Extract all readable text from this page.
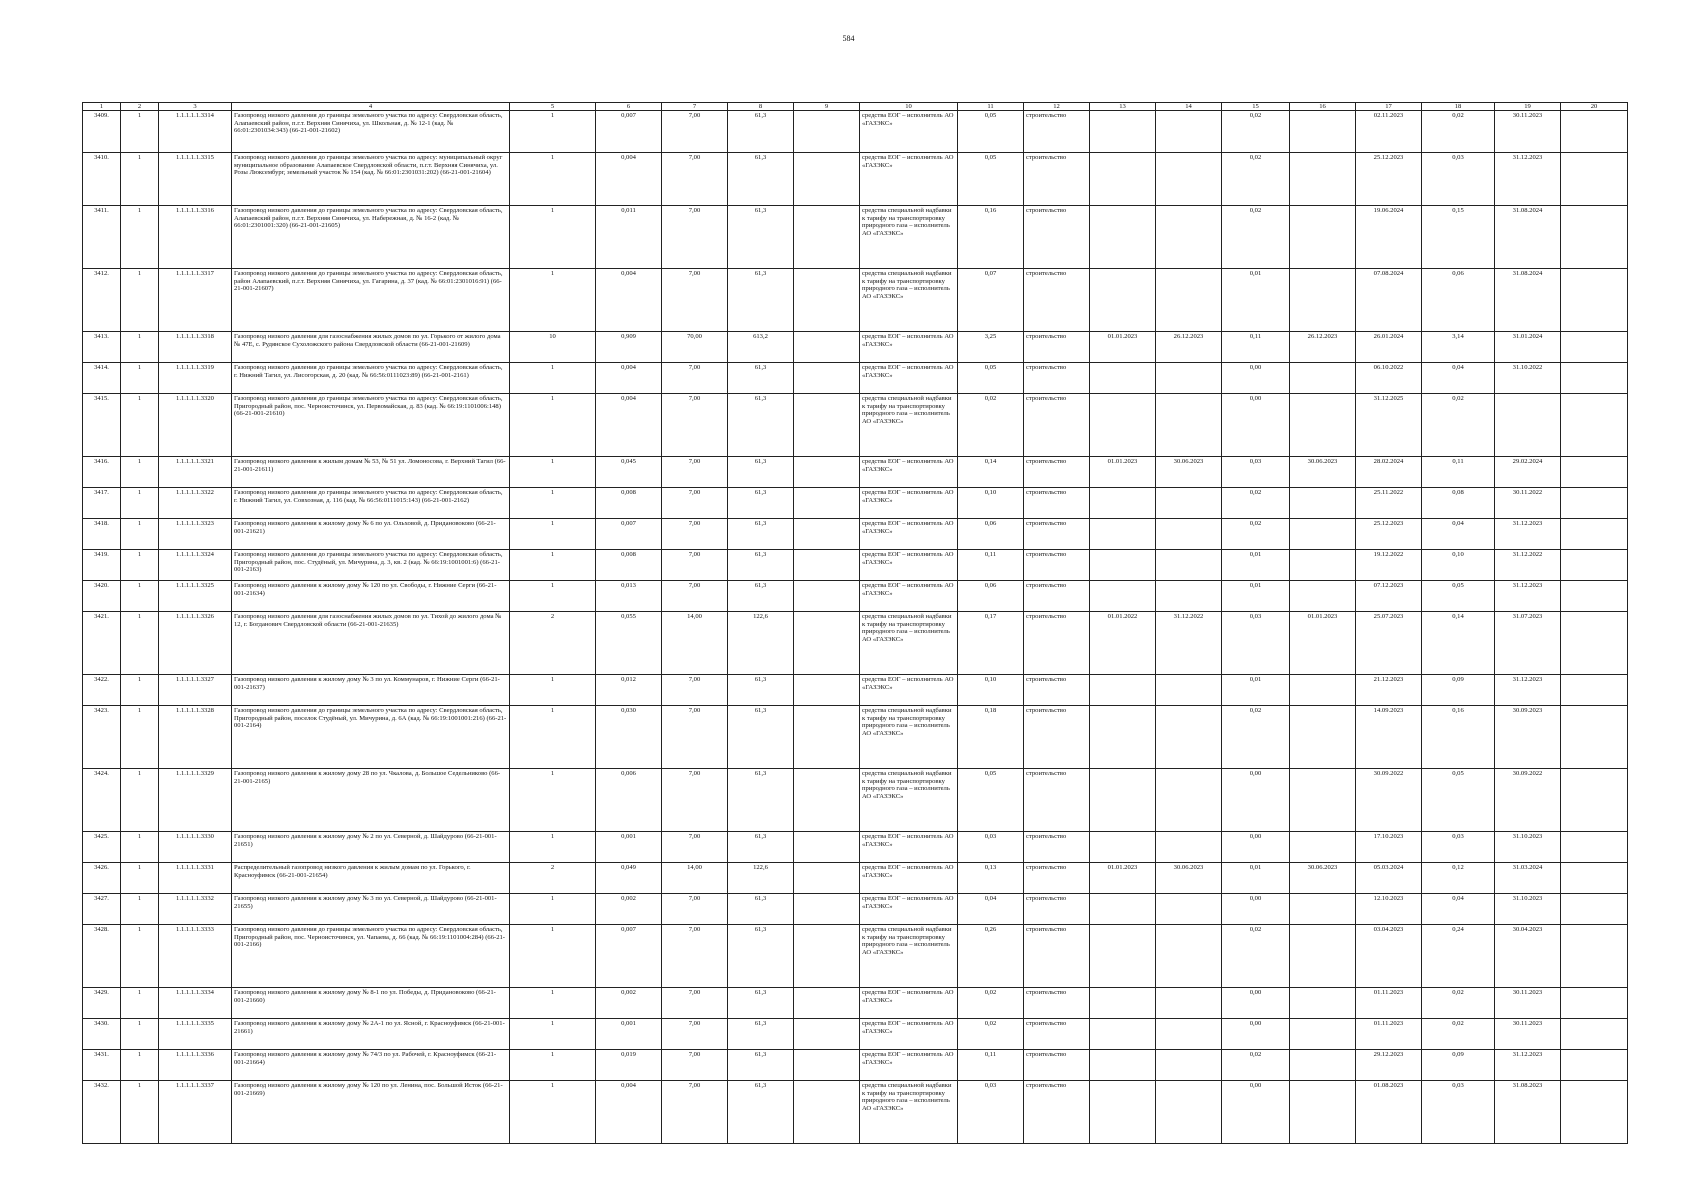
584
1	2	3	4	5	6	7	8	9	10	11	12	13	14	15	16	17	18	19	20
3409.	1	1.1.1.1.1.3314	Газопровод низкого давления до границы земельного участка по адресу: Свердловская область, Алапаевский район, п.г.т. Верхняя Синячиха, ул. Школьная, д. № 12-1 (кад. № 66:01:2301034:343) (66-21-001-21602)	1	0,007	7,00	61,3		средства ЕОГ – исполнитель АО «ГАЗЭКС»	0,05	строительство			0,02		02.11.2023	0,02	30.11.2023	
3410.	1	1.1.1.1.1.3315	Газопровод низкого давления до границы земельного участка по адресу: муниципальный округ муниципальное образование Алапаевское Свердловской области, п.г.т. Верхняя Синячиха, ул. Розы Люксембург, земельный участок № 154 (кад. № 66:01:2301031:202) (66-21-001-21604)	1	0,004	7,00	61,3		средства ЕОГ – исполнитель АО «ГАЗЭКС»	0,05	строительство			0,02		25.12.2023	0,03	31.12.2023	
3411.	1	1.1.1.1.1.3316	Газопровод низкого давления до границы земельного участка по адресу: Свердловская область, Алапаевский район, п.г.т. Верхняя Синячиха, ул. Набережная, д. № 16-2 (кад. № 66:01:2301001:320) (66-21-001-21605)	1	0,011	7,00	61,3		средства специальной надбавки к тарифу на транспортировку природного газа – исполнитель АО «ГАЗЭКС»	0,16	строительство			0,02		19.06.2024	0,15	31.08.2024	
3412.	1	1.1.1.1.1.3317	Газопровод низкого давления до границы земельного участка по адресу: Свердловская область, район Алапаевский, п.г.т. Верхняя Синячиха, ул. Гагарина, д. 37 (кад. № 66:01:2301016:91) (66-21-001-21607)	1	0,004	7,00	61,3		средства специальной надбавки к тарифу на транспортировку природного газа – исполнитель АО «ГАЗЭКС»	0,07	строительство			0,01		07.08.2024	0,06	31.08.2024	
3413.	1	1.1.1.1.1.3318	Газопровод низкого давления для газоснабжения жилых домов по ул. Горького от жилого дома № 47Е, с. Рудянское Сухоложского района Свердловской области (66-21-001-21609)	10	0,909	70,00	613,2		средства ЕОГ – исполнитель АО «ГАЗЭКС»	3,25	строительство	01.01.2023	26.12.2023	0,11	26.12.2023	26.01.2024	3,14	31.01.2024	
3414.	1	1.1.1.1.1.3319	Газопровод низкого давления до границы земельного участка по адресу: Свердловская область, г. Нижний Тагил, ул. Лисогорская, д. 20 (кад. № 66:56:0111023:89) (66-21-001-2161)	1	0,004	7,00	61,3		средства ЕОГ – исполнитель АО «ГАЗЭКС»	0,05	строительство			0,00		06.10.2022	0,04	31.10.2022	
3415.	1	1.1.1.1.1.3320	Газопровод низкого давления до границы земельного участка по адресу: Свердловская область, Пригородный район, пос. Черноисточинск, ул. Первомайская, д. 83 (кад. № 66:19:1101006:148) (66-21-001-21610)	1	0,004	7,00	61,3		средства специальной надбавки к тарифу на транспортировку природного газа – исполнитель АО «ГАЗЭКС»	0,02	строительство			0,00		31.12.2025	0,02		
3416.	1	1.1.1.1.1.3321	Газопровод низкого давления к жилым домам № 53, № 51 ул. Ломоносова, г. Верхний Тагил (66-21-001-21611)	1	0,045	7,00	61,3		средства ЕОГ – исполнитель АО «ГАЗЭКС»	0,14	строительство	01.01.2023	30.06.2023	0,03	30.06.2023	28.02.2024	0,11	29.02.2024	
3417.	1	1.1.1.1.1.3322	Газопровод низкого давления до границы земельного участка по адресу: Свердловская область, г. Нижний Тагил, ул. Совхозная, д. 116 (кад. № 66:56:0111015:143) (66-21-001-2162)	1	0,008	7,00	61,3		средства ЕОГ – исполнитель АО «ГАЗЭКС»	0,10	строительство			0,02		25.11.2022	0,08	30.11.2022	
3418.	1	1.1.1.1.1.3323	Газопровод низкого давления к жилому дому № 6 по ул. Ольховой, д. Придановоково (66-21-001-21621)	1	0,007	7,00	61,3		средства ЕОГ – исполнитель АО «ГАЗЭКС»	0,06	строительство			0,02		25.12.2023	0,04	31.12.2023	
3419.	1	1.1.1.1.1.3324	Газопровод низкого давления до границы земельного участка по адресу: Свердловская область, Пригородный район, пос. Студёный, ул. Мичурина, д. 3, кв. 2 (кад. № 66:19:1001001:6) (66-21-001-2163)	1	0,008	7,00	61,3		средства ЕОГ – исполнитель АО «ГАЗЭКС»	0,11	строительство			0,01		19.12.2022	0,10	31.12.2022	
3420.	1	1.1.1.1.1.3325	Газопровод низкого давления к жилому дому № 120 по ул. Свободы, г. Нижние Серги (66-21-001-21634)	1	0,013	7,00	61,3		средства ЕОГ – исполнитель АО «ГАЗЭКС»	0,06	строительство			0,01		07.12.2023	0,05	31.12.2023	
3421.	1	1.1.1.1.1.3326	Газопровод низкого давления для газоснабжения жилых домов по ул. Тихой до жилого дома № 12, г. Богданович Свердловской области (66-21-001-21635)	2	0,055	14,00	122,6		средства специальной надбавки к тарифу на транспортировку природного газа – исполнитель АО «ГАЗЭКС»	0,17	строительство	01.01.2022	31.12.2022	0,03	01.01.2023	25.07.2023	0,14	31.07.2023	
3422.	1	1.1.1.1.1.3327	Газопровод низкого давления к жилому дому № 3 по ул. Коммунаров, г. Нижние Серги (66-21-001-21637)	1	0,012	7,00	61,3		средства ЕОГ – исполнитель АО «ГАЗЭКС»	0,10	строительство			0,01		21.12.2023	0,09	31.12.2023	
3423.	1	1.1.1.1.1.3328	Газопровод низкого давления до границы земельного участка по адресу: Свердловская область, Пригородный район, поселок Студёный, ул. Мичурина, д. 6А (кад. № 66:19:1001001:216) (66-21-001-2164)	1	0,030	7,00	61,3		средства специальной надбавки к тарифу на транспортировку природного газа – исполнитель АО «ГАЗЭКС»	0,18	строительство			0,02		14.09.2023	0,16	30.09.2023	
3424.	1	1.1.1.1.1.3329	Газопровод низкого давления к жилому дому 28 по ул. Чкалова, д. Большое Седельниково (66-21-001-2165)	1	0,006	7,00	61,3		средства специальной надбавки к тарифу на транспортировку природного газа – исполнитель АО «ГАЗЭКС»	0,05	строительство			0,00		30.09.2022	0,05	30.09.2022	
3425.	1	1.1.1.1.1.3330	Газопровод низкого давления к жилому дому № 2 по ул. Северной, д. Шайдурово (66-21-001-21651)	1	0,001	7,00	61,3		средства ЕОГ – исполнитель АО «ГАЗЭКС»	0,03	строительство			0,00		17.10.2023	0,03	31.10.2023	
3426.	1	1.1.1.1.1.3331	Распределительный газопровод низкого давления к жилым домам по ул. Горького, г. Красноуфимск (66-21-001-21654)	2	0,049	14,00	122,6		средства ЕОГ – исполнитель АО «ГАЗЭКС»	0,13	строительство	01.01.2023	30.06.2023	0,01	30.06.2023	05.03.2024	0,12	31.03.2024	
3427.	1	1.1.1.1.1.3332	Газопровод низкого давления к жилому дому № 3 по ул. Северной, д. Шайдурово (66-21-001-21655)	1	0,002	7,00	61,3		средства ЕОГ – исполнитель АО «ГАЗЭКС»	0,04	строительство			0,00		12.10.2023	0,04	31.10.2023	
3428.	1	1.1.1.1.1.3333	Газопровод низкого давления до границы земельного участка по адресу: Свердловская область, Пригородный район, пос. Черноисточинск, ул. Чапаева, д. 66 (кад. № 66:19:1101004:284) (66-21-001-2166)	1	0,007	7,00	61,3		средства специальной надбавки к тарифу на транспортировку природного газа – исполнитель АО «ГАЗЭКС»	0,26	строительство			0,02		03.04.2023	0,24	30.04.2023	
3429.	1	1.1.1.1.1.3334	Газопровод низкого давления к жилому дому № 8-1 по ул. Победы, д. Придановоково (66-21-001-21660)	1	0,002	7,00	61,3		средства ЕОГ – исполнитель АО «ГАЗЭКС»	0,02	строительство			0,00		01.11.2023	0,02	30.11.2023	
3430.	1	1.1.1.1.1.3335	Газопровод низкого давления к жилому дому № 2А-1 по ул. Ясной, г. Красноуфимск (66-21-001-21661)	1	0,001	7,00	61,3		средства ЕОГ – исполнитель АО «ГАЗЭКС»	0,02	строительство			0,00		01.11.2023	0,02	30.11.2023	
3431.	1	1.1.1.1.1.3336	Газопровод низкого давления к жилому дому № 74/3 по ул. Рабочей, г. Красноуфимск (66-21-001-21664)	1	0,019	7,00	61,3		средства ЕОГ – исполнитель АО «ГАЗЭКС»	0,11	строительство			0,02		29.12.2023	0,09	31.12.2023	
3432.	1	1.1.1.1.1.3337	Газопровод низкого давления к жилому дому № 120 по ул. Ленина, пос. Большой Исток (66-21-001-21669)	1	0,004	7,00	61,3		средства специальной надбавки к тарифу на транспортировку природного газа – исполнитель АО «ГАЗЭКС»	0,03	строительство			0,00		01.08.2023	0,03	31.08.2023	
